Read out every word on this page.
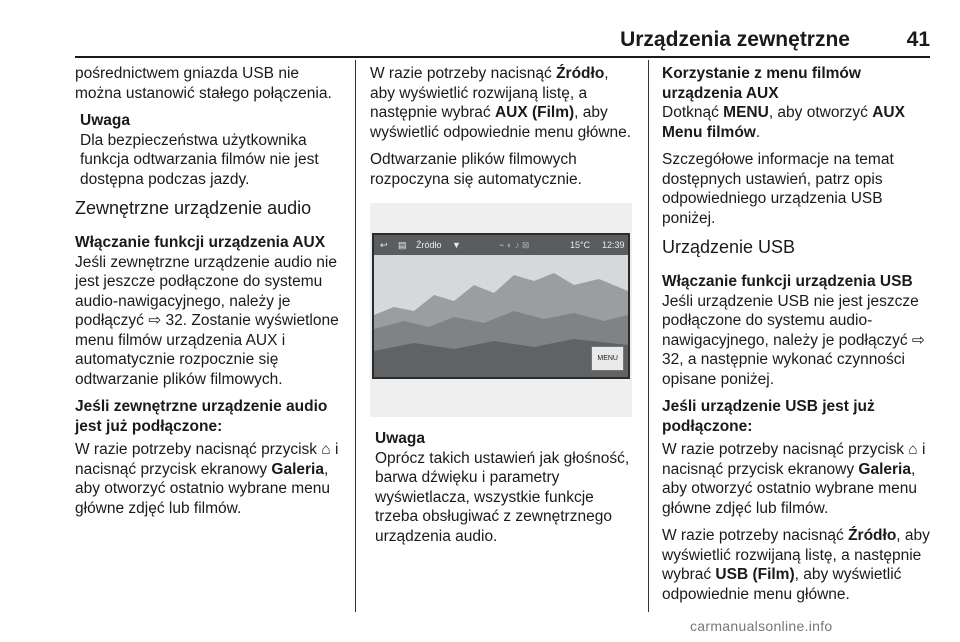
Urządzenia zewnętrzne	41

pośrednictwem gniazda USB nie można ustanowić stałego połączenia.

Uwaga
Dla bezpieczeństwa użytkownika funkcja odtwarzania filmów nie jest dostępna podczas jazdy.
Zewnętrzne urządzenie audio
Włączanie funkcji urządzenia AUX

Jeśli zewnętrzne urządzenie audio nie jest jeszcze podłączone do systemu audio-nawigacyjnego, należy je podłączyć ⇨ 32. Zostanie wyświetlone menu filmów urządzenia AUX i automatycznie rozpocznie się odtwarzanie plików filmowych.

Jeśli zewnętrzne urządzenie audio jest już podłączone:

W razie potrzeby nacisnąć przycisk ⌂ i nacisnąć przycisk ekranowy Galeria, aby otworzyć ostatnio wybrane menu główne zdjęć lub filmów.

W razie potrzeby nacisnąć Źródło, aby wyświetlić rozwijaną listę, a następnie wybrać AUX (Film), aby wyświetlić odpowiednie menu główne.

Odtwarzanie plików filmowych rozpoczyna się automatycznie.

↩ ▤ Źródło ▼	⌁ ◐ ♪ ⊠	15°C 12:39
MENU
Uwaga
Oprócz takich ustawień jak głośność, barwa dźwięku i parametry wyświetlacza, wszystkie funkcje trzeba obsługiwać z zewnętrznego urządzenia audio.
Korzystanie z menu filmów urządzenia AUX

Dotknąć MENU, aby otworzyć AUX Menu filmów.

Szczegółowe informacje na temat dostępnych ustawień, patrz opis odpowiedniego urządzenia USB poniżej.

Urządzenie USB
Włączanie funkcji urządzenia USB

Jeśli urządzenie USB nie jest jeszcze podłączone do systemu audio-nawigacyjnego, należy je podłączyć ⇨ 32, a następnie wykonać czynności opisane poniżej.

Jeśli urządzenie USB jest już podłączone:

W razie potrzeby nacisnąć przycisk ⌂ i nacisnąć przycisk ekranowy Galeria, aby otworzyć ostatnio wybrane menu główne zdjęć lub filmów.

W razie potrzeby nacisnąć Źródło, aby wyświetlić rozwijaną listę, a następnie wybrać USB (Film), aby wyświetlić odpowiednie menu główne.

carmanualsonline.info
